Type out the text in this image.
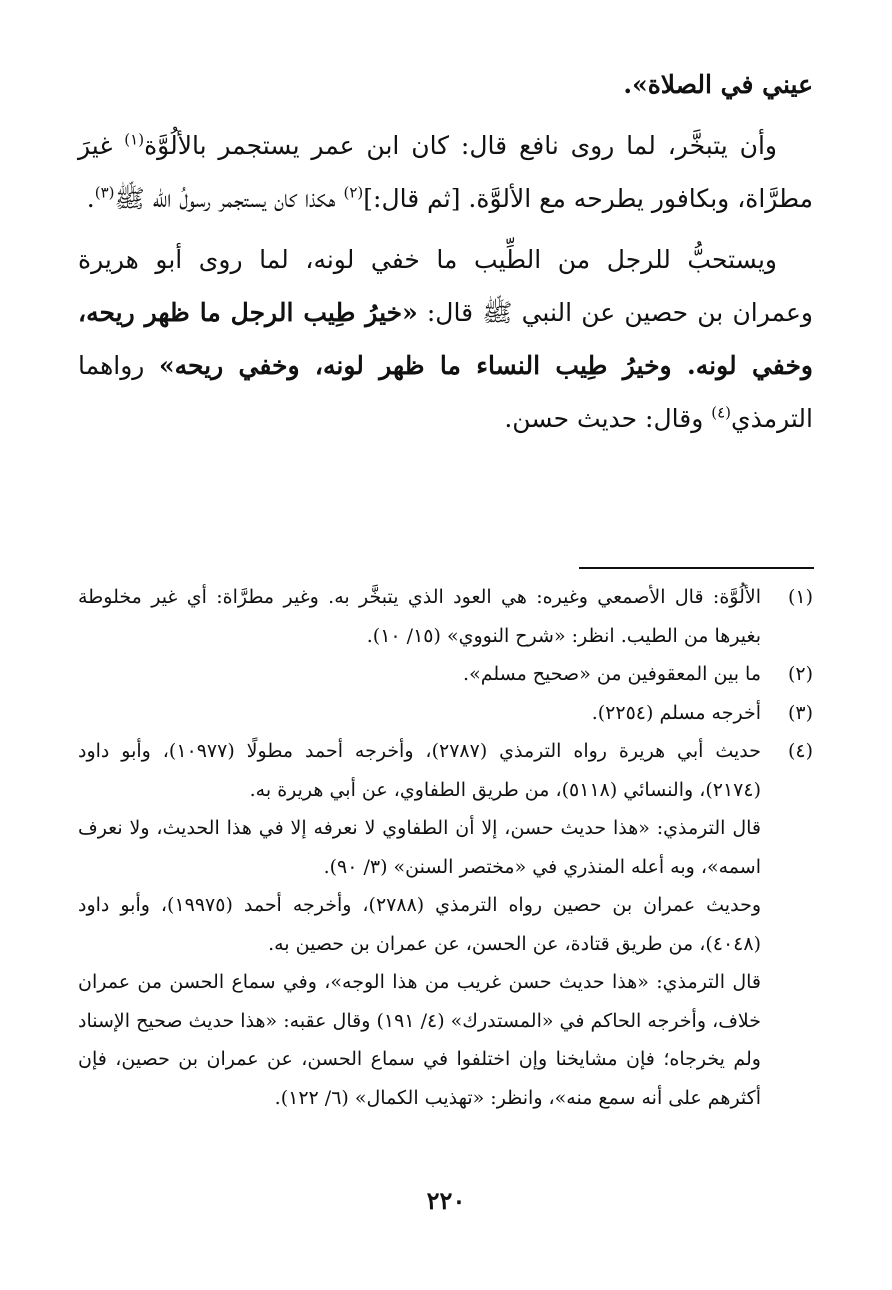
عيني في الصلاة».

وأن يتبخَّر، لما روى نافع قال: كان ابن عمر يستجمر بالألُوَّة$^{(١)}$ غيرَ مطرَّاة، وبكافور يطرحه مع الألوَّة. [ثم قال:]$^{(٢)}$ هكذا كان يستجمر رسولُ الله ﷺ$^{(٣)}$.

ويستحبُّ للرجل من الطِّيب ما خفي لونه، لما روى أبو هريرة وعمران بن حصين عن النبي ﷺ قال: «خيرُ طِيب الرجل ما ظهر ريحه، وخفي لونه. وخيرُ طِيب النساء ما ظهر لونه، وخفي ريحه» رواهما الترمذي$^{(٤)}$ وقال: حديث حسن.

(١)
الألُوَّة: قال الأصمعي وغيره: هي العود الذي يتبخَّر به. وغير مطرَّاة: أي غير مخلوطة بغيرها من الطيب. انظر: «شرح النووي» (١٥/ ١٠).
(٢)
ما بين المعقوفين من «صحيح مسلم».
(٣)
أخرجه مسلم (٢٢٥٤).
(٤)
حديث أبي هريرة رواه الترمذي (٢٧٨٧)، وأخرجه أحمد مطولًا (١٠٩٧٧)، وأبو داود (٢١٧٤)، والنسائي (٥١١٨)، من طريق الطفاوي، عن أبي هريرة به.
قال الترمذي: «هذا حديث حسن، إلا أن الطفاوي لا نعرفه إلا في هذا الحديث، ولا نعرف اسمه»، وبه أعله المنذري في «مختصر السنن» (٣/ ٩٠).
وحديث عمران بن حصين رواه الترمذي (٢٧٨٨)، وأخرجه أحمد (١٩٩٧٥)، وأبو داود (٤٠٤٨)، من طريق قتادة، عن الحسن، عن عمران بن حصين به.
قال الترمذي: «هذا حديث حسن غريب من هذا الوجه»، وفي سماع الحسن من عمران خلاف، وأخرجه الحاكم في «المستدرك» (٤/ ١٩١) وقال عقبه: «هذا حديث صحيح الإسناد ولم يخرجاه؛ فإن مشايخنا وإن اختلفوا في سماع الحسن، عن عمران بن حصين، فإن أكثرهم على أنه سمع منه»، وانظر: «تهذيب الكمال» (٦/ ١٢٢).
٢٢٠
